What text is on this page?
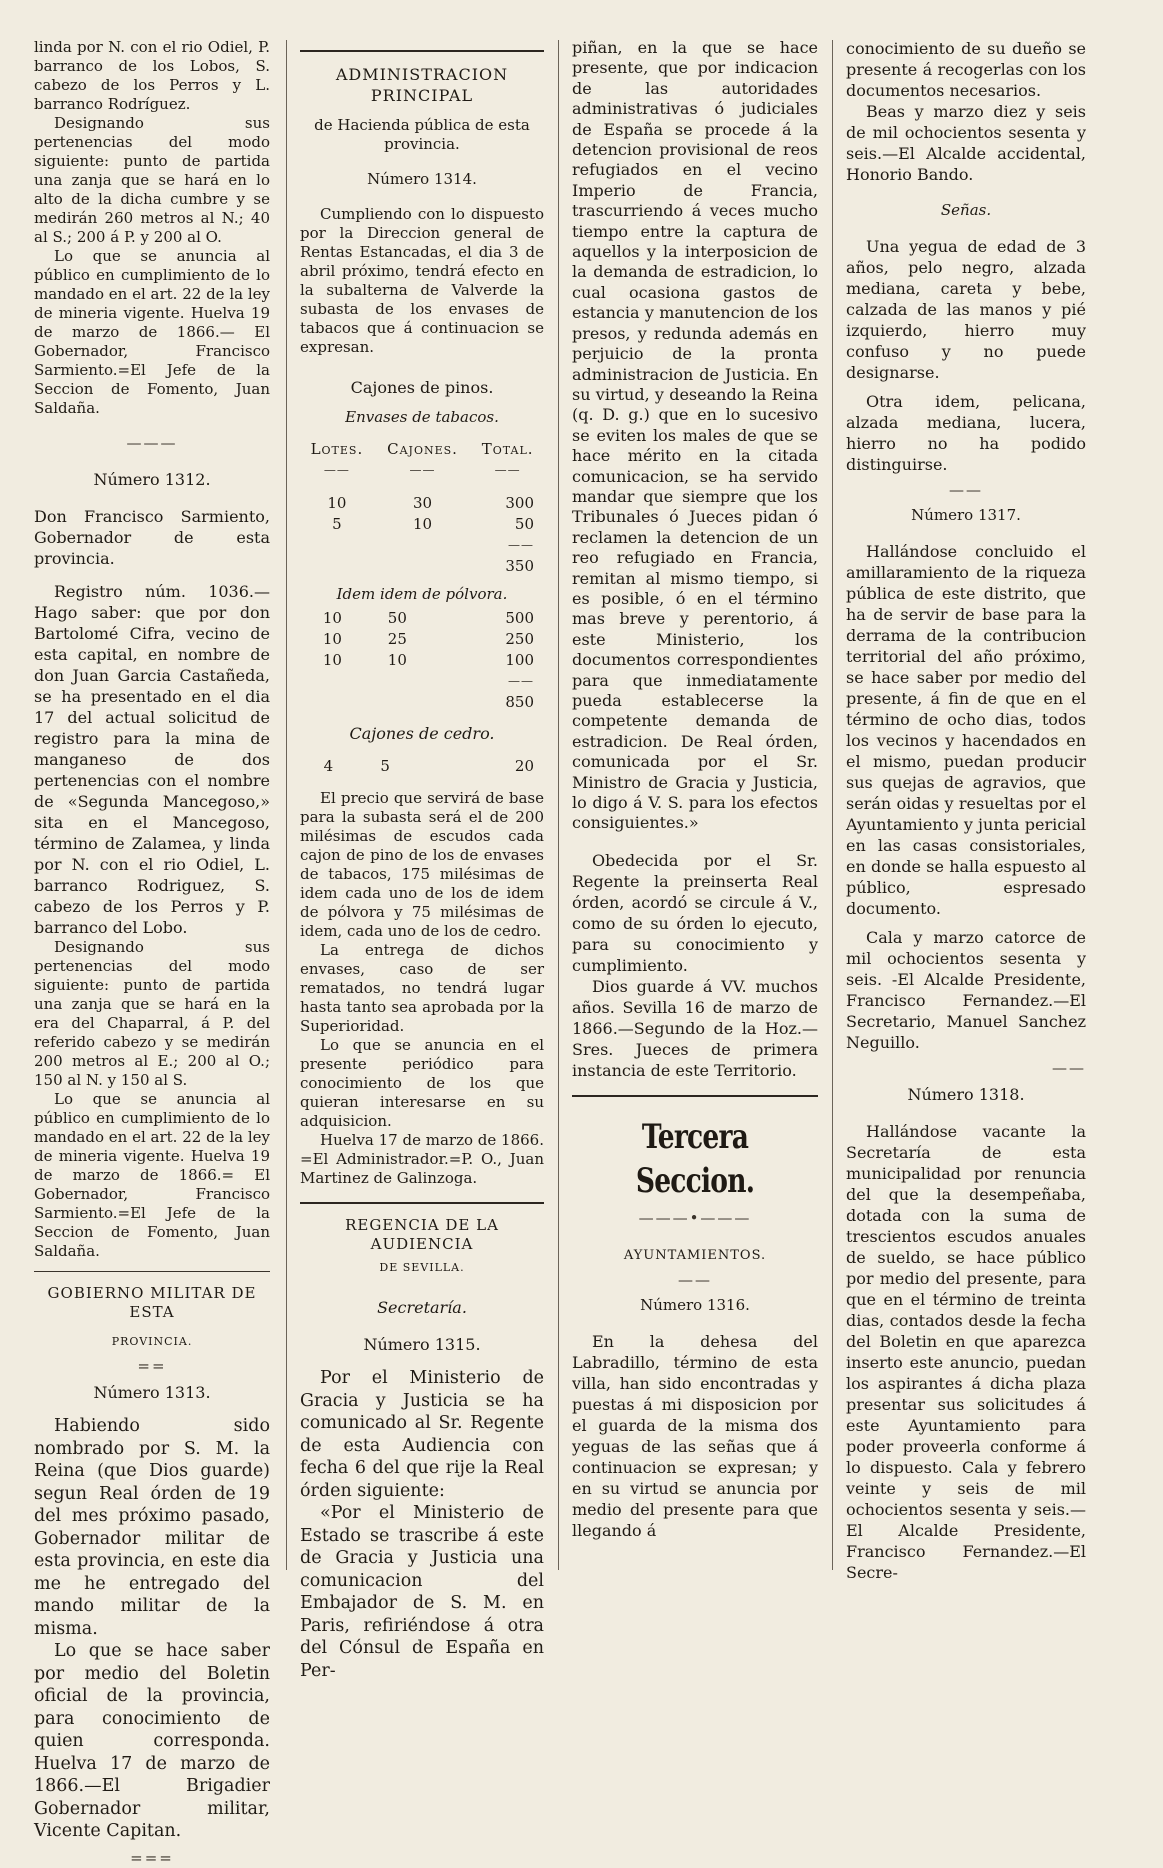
linda por N. con el rio Odiel, P. barranco de los Lobos, S. cabezo de los Perros y L. barranco Rodríguez.

Designando sus pertenencias del modo siguiente: punto de partida una zanja que se hará en lo alto de la dicha cumbre y se medirán 260 metros al N.; 40 al S.; 200 á P. y 200 al O.

Lo que se anuncia al público en cumplimiento de lo mandado en el art. 22 de la ley de mineria vigente. Huelva 19 de marzo de 1866.— El Gobernador, Francisco Sarmiento.=El Jefe de la Seccion de Fomento, Juan Saldaña.

———
Número 1312.

Don Francisco Sarmiento, Gobernador de esta provincia.

Registro núm. 1036.—Hago saber: que por don Bartolomé Cifra, vecino de esta capital, en nombre de don Juan Garcia Castañeda, se ha presentado en el dia 17 del actual solicitud de registro para la mina de manganeso de dos pertenencias con el nombre de «Segunda Mancegoso,» sita en el Mancegoso, término de Zalamea, y linda por N. con el rio Odiel, L. barranco Rodriguez, S. cabezo de los Perros y P. barranco del Lobo.

Designando sus pertenencias del modo siguiente: punto de partida una zanja que se hará en la era del Chaparral, á P. del referido cabezo y se medirán 200 metros al E.; 200 al O.; 150 al N. y 150 al S.

Lo que se anuncia al público en cumplimiento de lo mandado en el art. 22 de la ley de mineria vigente. Huelva 19 de marzo de 1866.= El Gobernador, Francisco Sarmiento.=El Jefe de la Seccion de Fomento, Juan Saldaña.

GOBIERNO MILITAR DE ESTA
PROVINCIA.
==
Número 1313.

Habiendo sido nombrado por S. M. la Reina (que Dios guarde) segun Real órden de 19 del mes próximo pasado, Gobernador militar de esta provincia, en este dia me he entregado del mando militar de la misma.

Lo que se hace saber por medio del Boletin oficial de la provincia, para conocimiento de quien corresponda. Huelva 17 de marzo de 1866.—El Brigadier Gobernador militar, Vicente Capitan.

===
ADMINISTRACION PRINCIPAL
de Hacienda pública de esta provincia.
Número 1314.

Cumpliendo con lo dispuesto por la Direccion general de Rentas Estancadas, el dia 3 de abril próximo, tendrá efecto en la subalterna de Valverde la subasta de los envases de tabacos que á continuacion se expresan.

Cajones de pinos.
Envases de tabacos.
Lotes.	Cajones.	Total.
——	——	——

10	30	300
5	10	50
		——
		350
Idem idem de pólvora.
10	50	500
10	25	250
10	10	100
		——
		850
Cajones de cedro.
4	5	20

El precio que servirá de base para la subasta será el de 200 milésimas de escudos cada cajon de pino de los de envases de tabacos, 175 milésimas de idem cada uno de los de idem de pólvora y 75 milésimas de idem, cada uno de los de cedro.

La entrega de dichos envases, caso de ser rematados, no tendrá lugar hasta tanto sea aprobada por la Superioridad.

Lo que se anuncia en el presente periódico para conocimiento de los que quieran interesarse en su adquisicion.

Huelva 17 de marzo de 1866. =El Administrador.=P. O., Juan Martinez de Galinzoga.

REGENCIA DE LA AUDIENCIA
DE SEVILLA.
Secretaría.
Número 1315.

Por el Ministerio de Gracia y Justicia se ha comunicado al Sr. Regente de esta Audiencia con fecha 6 del que rije la Real órden siguiente:

«Por el Ministerio de Estado se trascribe á este de Gracia y Justicia una comunicacion del Embajador de S. M. en Paris, refiriéndose á otra del Cónsul de España en Per-

piñan, en la que se hace presente, que por indicacion de las autoridades administrativas ó judiciales de España se procede á la detencion provisional de reos refugiados en el vecino Imperio de Francia, trascurriendo á veces mucho tiempo entre la captura de aquellos y la interposicion de la demanda de estradicion, lo cual ocasiona gastos de estancia y manutencion de los presos, y redunda además en perjuicio de la pronta administracion de Justicia. En su virtud, y deseando la Reina (q. D. g.) que en lo sucesivo se eviten los males de que se hace mérito en la citada comunicacion, se ha servido mandar que siempre que los Tribunales ó Jueces pidan ó reclamen la detencion de un reo refugiado en Francia, remitan al mismo tiempo, si es posible, ó en el término mas breve y perentorio, á este Ministerio, los documentos correspondientes para que inmediatamente pueda establecerse la competente demanda de estradicion. De Real órden, comunicada por el Sr. Ministro de Gracia y Justicia, lo digo á V. S. para los efectos consiguientes.»

Obedecida por el Sr. Regente la preinserta Real órden, acordó se circule á V., como de su órden lo ejecuto, para su conocimiento y cumplimiento.

Dios guarde á VV. muchos años. Sevilla 16 de marzo de 1866.—Segundo de la Hoz.—Sres. Jueces de primera instancia de este Territorio.

Tercera Seccion.
———•———
AYUNTAMIENTOS.
——
Número 1316.

En la dehesa del Labradillo, término de esta villa, han sido encontradas y puestas á mi disposicion por el guarda de la misma dos yeguas de las señas que á continuacion se expresan; y en su virtud se anuncia por medio del presente para que llegando á

conocimiento de su dueño se presente á recogerlas con los documentos necesarios.

Beas y marzo diez y seis de mil ochocientos sesenta y seis.—El Alcalde accidental, Honorio Bando.

Señas.

Una yegua de edad de 3 años, pelo negro, alzada mediana, careta y bebe, calzada de las manos y pié izquierdo, hierro muy confuso y no puede designarse.

Otra idem, pelicana, alzada mediana, lucera, hierro no ha podido distinguirse.

——
Número 1317.

Hallándose concluido el amillaramiento de la riqueza pública de este distrito, que ha de servir de base para la derrama de la contribucion territorial del año próximo, se hace saber por medio del presente, á fin de que en el término de ocho dias, todos los vecinos y hacendados en el mismo, puedan producir sus quejas de agravios, que serán oidas y resueltas por el Ayuntamiento y junta pericial en las casas consistoriales, en donde se halla espuesto al público, espresado documento.

Cala y marzo catorce de mil ochocientos sesenta y seis. -El Alcalde Presidente, Francisco Fernandez.—El Secretario, Manuel Sanchez Neguillo.

——
Número 1318.

Hallándose vacante la Secretaría de esta municipalidad por renuncia del que la desempeñaba, dotada con la suma de trescientos escudos anuales de sueldo, se hace público por medio del presente, para que en el término de treinta dias, contados desde la fecha del Boletin en que aparezca inserto este anuncio, puedan los aspirantes á dicha plaza presentar sus solicitudes á este Ayuntamiento para poder proveerla conforme á lo dispuesto. Cala y febrero veinte y seis de mil ochocientos sesenta y seis.— El Alcalde Presidente, Francisco Fernandez.—El Secre-
